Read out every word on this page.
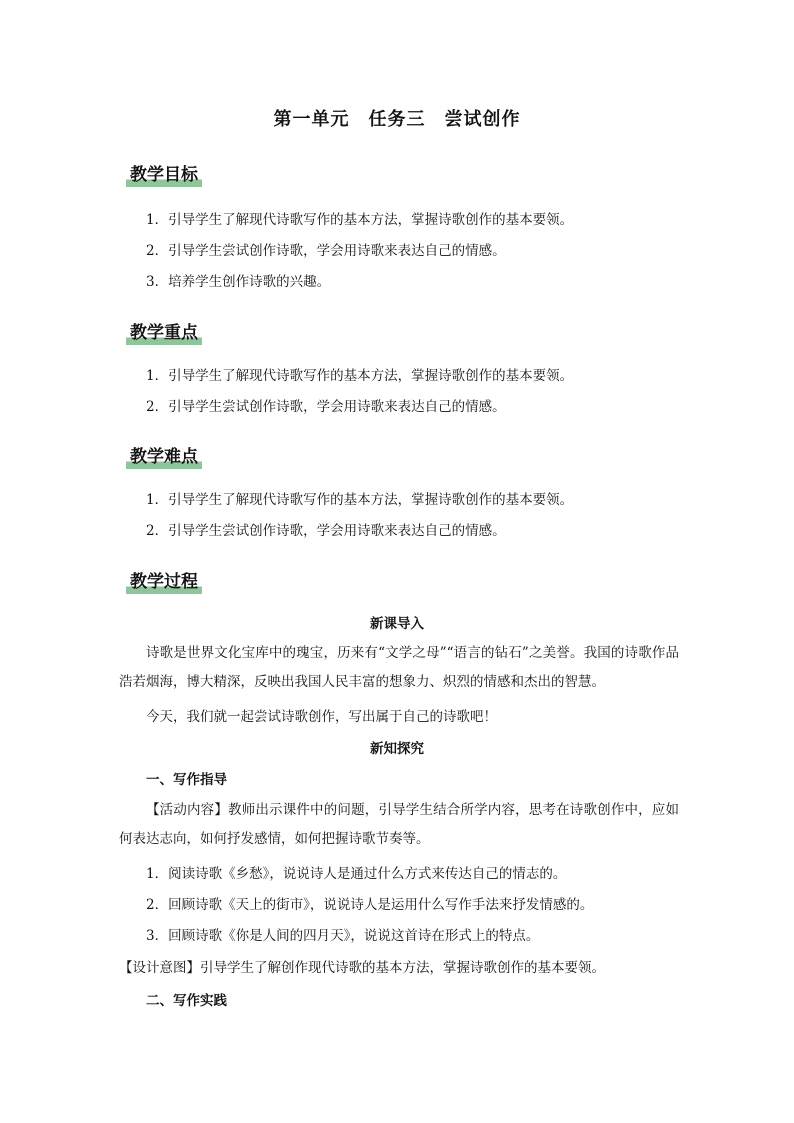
第一单元　任务三　尝试创作
教学目标
1．引导学生了解现代诗歌写作的基本方法，掌握诗歌创作的基本要领。
2．引导学生尝试创作诗歌，学会用诗歌来表达自己的情感。
3．培养学生创作诗歌的兴趣。
教学重点
1．引导学生了解现代诗歌写作的基本方法，掌握诗歌创作的基本要领。
2．引导学生尝试创作诗歌，学会用诗歌来表达自己的情感。
教学难点
1．引导学生了解现代诗歌写作的基本方法，掌握诗歌创作的基本要领。
2．引导学生尝试创作诗歌，学会用诗歌来表达自己的情感。
教学过程
新课导入
诗歌是世界文化宝库中的瑰宝，历来有“文学之母”“语言的钻石”之美誉。我国的诗歌作品浩若烟海，博大精深，反映出我国人民丰富的想象力、炽烈的情感和杰出的智慧。
今天，我们就一起尝试诗歌创作，写出属于自己的诗歌吧！
新知探究
一、写作指导
【活动内容】教师出示课件中的问题，引导学生结合所学内容，思考在诗歌创作中，应如何表达志向，如何抒发感情，如何把握诗歌节奏等。
1．阅读诗歌《乡愁》，说说诗人是通过什么方式来传达自己的情志的。
2．回顾诗歌《天上的街市》，说说诗人是运用什么写作手法来抒发情感的。
3．回顾诗歌《你是人间的四月天》，说说这首诗在形式上的特点。
【设计意图】引导学生了解创作现代诗歌的基本方法，掌握诗歌创作的基本要领。
二、写作实践
